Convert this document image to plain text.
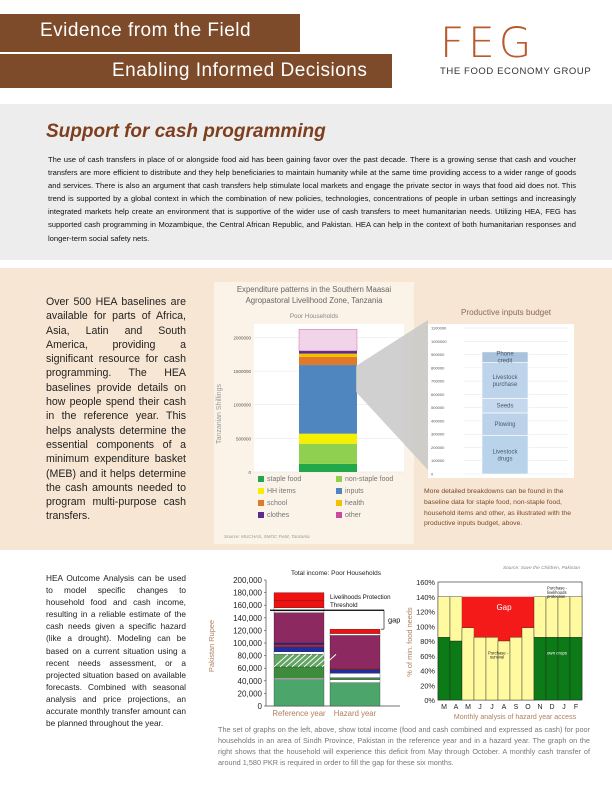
Evidence from the Field
Enabling Informed Decisions
FEG
THE FOOD ECONOMY GROUP
Support for cash programming
The use of cash transfers in place of or alongside food aid has been gaining favor over the past decade. There is a growing sense that cash and voucher transfers are more efficient to distribute and they help beneficiaries to maintain humanity while at the same time providing access to a wider range of goods and services. There is also an argument that cash transfers help stimulate local markets and engage the private sector in ways that food aid does not. This trend is supported by a global context in which the combination of new policies, technologies, concentrations of people in urban settings and increasingly integrated markets help create an environment that is supportive of the wider use of cash transfers to meet humanitarian needs. Utilizing HEA, FEG has supported cash programming in Mozambique, the Central African Republic, and Pakistan. HEA can help in the context of both humanitarian responses and longer-term social safety nets.
Over 500 HEA baselines are available for parts of Africa, Asia, Latin and South America, providing a significant resource for cash programming. The HEA baselines provide details on how people spend their cash in the reference year. This helps analysts determine the essential components of a minimum expenditure basket (MEB) and it helps determine the cash amounts needed to program multi-purpose cash transfers.
Expenditure patterns in the Southern Maasai
Agropastoral Livelihood Zone, Tanzania
Poor Households
Tanzanian Shillings
0
500000
1000000
1500000
2000000
staple food	non-staple food
HH items	inputs
school	health
clothes	other
Source: MUCHAS, SMOC FwM, Tanzania
Productive inputs budget
0
100000
200000
300000
400000
500000
600000
700000
800000
900000
1000000
1100000
Livestock
drugs
Plowing
Seeds
Livestock
purchase
Phone
credit
More detailed breakdowns can be found in the baseline data for staple food, non-staple food, household items and other, as illustrated with the productive inputs budget, above.
HEA Outcome Analysis can be used to model specific changes to household food and cash income, resulting in a reliable estimate of the cash needs given a specific hazard (like a drought). Modeling can be based on a current situation using a recent needs assessment, or a projected situation based on available forecasts. Combined with seasonal analysis and price projections, an accurate monthly transfer amount can be planned throughout the year.
Total income: Poor Households
Pakistan Rupee
0
20,000
40,000
60,000
80,000
100,000
120,000
140,000
160,000
180,000
200,000
Reference year Hazard year
Livelihoods Protection
Threshold
gap
Source: Save the Children, Pakistan
% of min. food needs
0%
20%
40%
60%
80%
100%
120%
140%
160%
M A M J J A S O N D J F
Gap
Purchase -
livelihoods
protection
Purchase -
survival
own crops
Monthly analysis of hazard year access
The set of graphs on the left, above, show total income (food and cash combined and expressed as cash) for poor households in an area of Sindh Province, Pakistan in the reference year and in a hazard year. The graph on the right shows that the household will experience this deficit from May through October. A monthly cash transfer of around 1,580 PKR is required in order to fill the gap for these six months.
